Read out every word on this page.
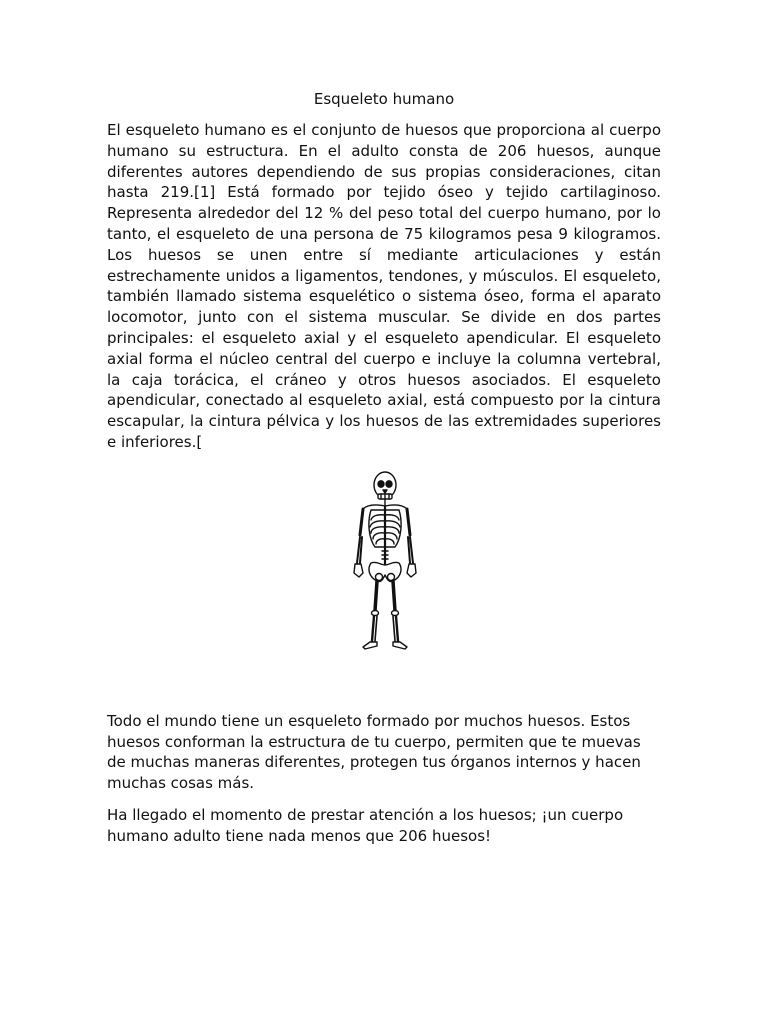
Esqueleto humano

El esqueleto humano es el conjunto de huesos que proporciona al cuerpo humano su estructura. En el adulto consta de 206 huesos, aunque diferentes autores dependiendo de sus propias consideraciones, citan hasta 219.[1] Está formado por tejido óseo y tejido cartilaginoso. Representa alrededor del 12 % del peso total del cuerpo humano, por lo tanto, el esqueleto de una persona de 75 kilogramos pesa 9 kilogramos. Los huesos se unen entre sí mediante articulaciones y están estrechamente unidos a ligamentos, tendones, y músculos. El esqueleto, también llamado sistema esquelético o sistema óseo, forma el aparato locomotor, junto con el sistema muscular. Se divide en dos partes principales: el esqueleto axial y el esqueleto apendicular. El esqueleto axial forma el núcleo central del cuerpo e incluye la columna vertebral, la caja torácica, el cráneo y otros huesos asociados. El esqueleto apendicular, conectado al esqueleto axial, está compuesto por la cintura escapular, la cintura pélvica y los huesos de las extremidades superiores e inferiores.[

Todo el mundo tiene un esqueleto formado por muchos huesos. Estos huesos conforman la estructura de tu cuerpo, permiten que te muevas de muchas maneras diferentes, protegen tus órganos internos y hacen muchas cosas más.

Ha llegado el momento de prestar atención a los huesos; ¡un cuerpo humano adulto tiene nada menos que 206 huesos!
